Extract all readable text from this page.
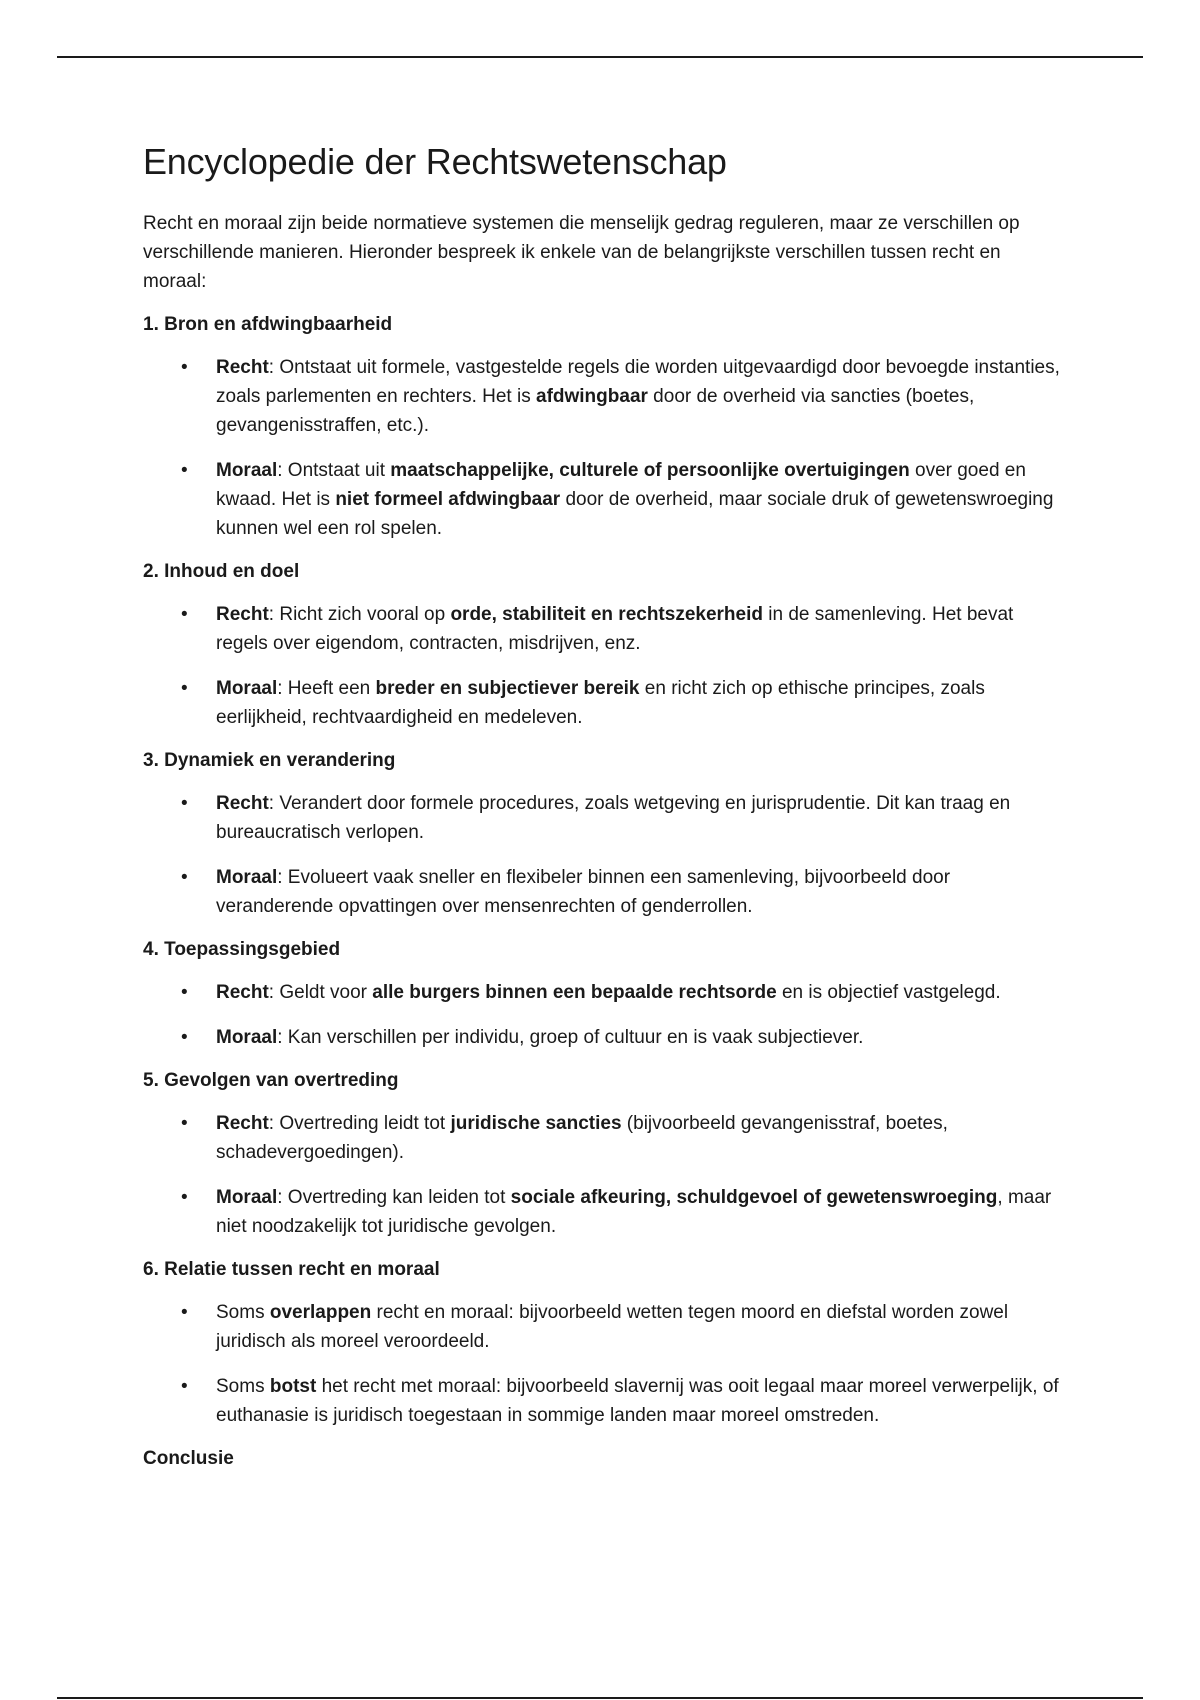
Encyclopedie der Rechtswetenschap

Recht en moraal zijn beide normatieve systemen die menselijk gedrag reguleren, maar ze verschillen op verschillende manieren. Hieronder bespreek ik enkele van de belangrijkste verschillen tussen recht en moraal:

1. Bron en afdwingbaarheid
• Recht: Ontstaat uit formele, vastgestelde regels die worden uitgevaardigd door bevoegde instanties, zoals parlementen en rechters. Het is afdwingbaar door de overheid via sancties (boetes, gevangenisstraffen, etc.).
• Moraal: Ontstaat uit maatschappelijke, culturele of persoonlijke overtuigingen over goed en kwaad. Het is niet formeel afdwingbaar door de overheid, maar sociale druk of gewetenswroeging kunnen wel een rol spelen.
2. Inhoud en doel
• Recht: Richt zich vooral op orde, stabiliteit en rechtszekerheid in de samenleving. Het bevat regels over eigendom, contracten, misdrijven, enz.
• Moraal: Heeft een breder en subjectiever bereik en richt zich op ethische principes, zoals eerlijkheid, rechtvaardigheid en medeleven.
3. Dynamiek en verandering
• Recht: Verandert door formele procedures, zoals wetgeving en jurisprudentie. Dit kan traag en bureaucratisch verlopen.
• Moraal: Evolueert vaak sneller en flexibeler binnen een samenleving, bijvoorbeeld door veranderende opvattingen over mensenrechten of genderrollen.
4. Toepassingsgebied
• Recht: Geldt voor alle burgers binnen een bepaalde rechtsorde en is objectief vastgelegd.
• Moraal: Kan verschillen per individu, groep of cultuur en is vaak subjectiever.
5. Gevolgen van overtreding
• Recht: Overtreding leidt tot juridische sancties (bijvoorbeeld gevangenisstraf, boetes, schadevergoedingen).
• Moraal: Overtreding kan leiden tot sociale afkeuring, schuldgevoel of gewetenswroeging, maar niet noodzakelijk tot juridische gevolgen.
6. Relatie tussen recht en moraal
• Soms overlappen recht en moraal: bijvoorbeeld wetten tegen moord en diefstal worden zowel juridisch als moreel veroordeeld.
• Soms botst het recht met moraal: bijvoorbeeld slavernij was ooit legaal maar moreel verwerpelijk, of euthanasie is juridisch toegestaan in sommige landen maar moreel omstreden.
Conclusie
